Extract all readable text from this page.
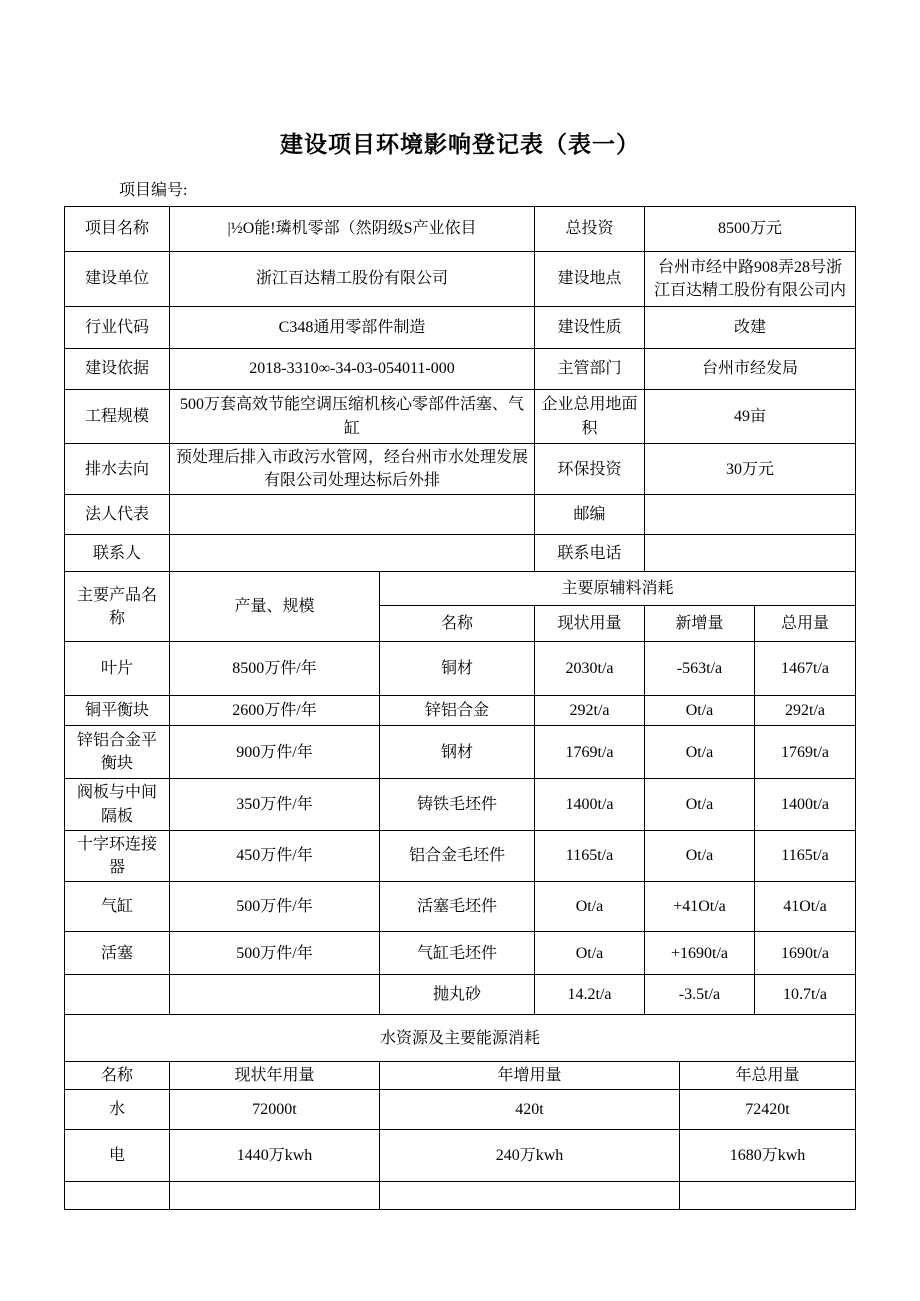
建设项目环境影响登记表（表一）
项目编号:
项目名称	|½O能!璘机零部（然阴级S产业依目	总投资	8500万元
建设单位	浙江百达精工股份有限公司	建设地点	台州市经中路908弄28号浙江百达精工股份有限公司内
行业代码	C348通用零部件制造	建设性质	改建
建设依据	2018-3310∞-34-03-054011-000	主管部门	台州市经发局
工程规模	500万套高效节能空调压缩机核心零部件活塞、气缸	企业总用地面积	49亩
排水去向	预处理后排入市政污水管网，经台州市水处理发展有限公司处理达标后外排	环保投资	30万元
法人代表		邮编	
联系人		联系电话	
主要产品名称	产量、规模	主要原辅料消耗			
		名称	现状用量	新增量	总用量
叶片	8500万件/年	铜材	2030t/a	-563t/a	1467t/a
铜平衡块	2600万件/年	锌铝合金	292t/a	Ot/a	292t/a
锌铝合金平衡块	900万件/年	钢材	1769t/a	Ot/a	1769t/a
阀板与中间隔板	350万件/年	铸铁毛坯件	1400t/a	Ot/a	1400t/a
十字环连接器	450万件/年	铝合金毛坯件	1165t/a	Ot/a	1165t/a
气缸	500万件/年	活塞毛坯件	Ot/a	+41Ot/a	41Ot/a
活塞	500万件/年	气缸毛坯件	Ot/a	+1690t/a	1690t/a
		抛丸砂	14.2t/a	-3.5t/a	10.7t/a
水资源及主要能源消耗					
名称	现状年用量	年增用量	年总用量
水	72000t	420t	72420t
电	1440万kwh	240万kwh	1680万kwh
